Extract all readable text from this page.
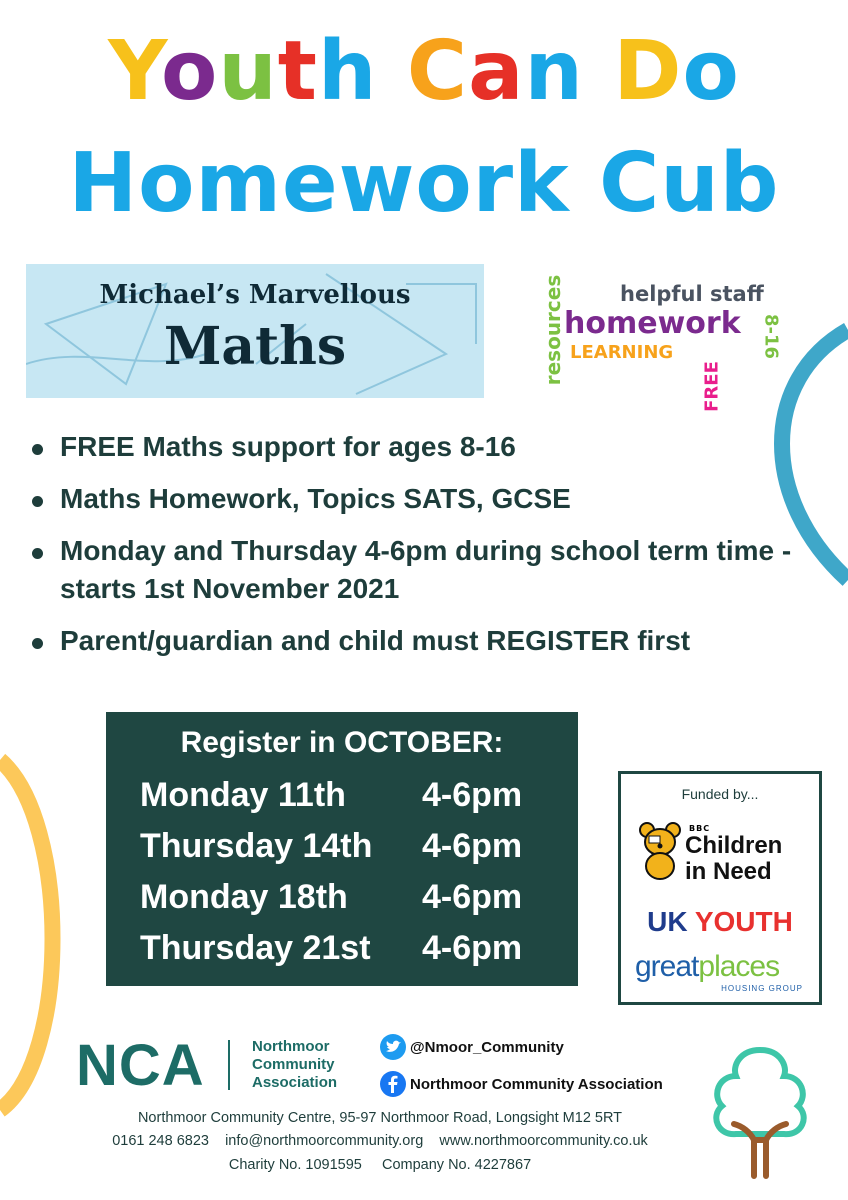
Youth Can Do
Homework Cub
Michael’s Marvellous
Maths	resources	helpful staff
homework
LEARNING
FREE
8-16
FREE Maths support for ages 8-16
Maths Homework, Topics SATS, GCSE
Monday and Thursday 4-6pm during school term time - starts 1st November 2021
Parent/guardian and child must REGISTER first
Register in OCTOBER:
Monday 11th 4-6pm
Thursday 14th 4-6pm
Monday 18th 4-6pm
Thursday 21st 4-6pm
Funded by...
BBC
Children
in Need
UK YOUTH
greatplaces
HOUSING GROUP
NCA	Northmoor
Community
Association
@Nmoor_Community
Northmoor Community Association
Northmoor Community Centre, 95-97 Northmoor Road, Longsight M12 5RT
0161 248 6823    info@northmoorcommunity.org    www.northmoorcommunity.co.uk
Charity No. 1091595     Company No. 4227867
